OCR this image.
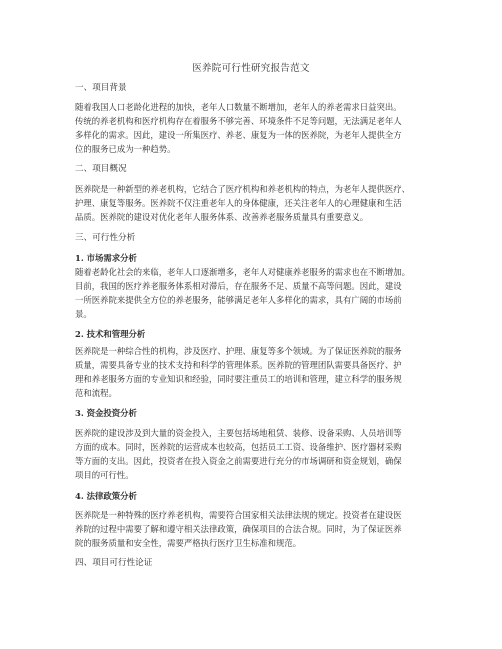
医养院可行性研究报告范文
一、项目背景
随着我国人口老龄化进程的加快，老年人口数量不断增加，老年人的养老需求日益突出。
传统的养老机构和医疗机构存在着服务不够完善、环境条件不足等问题，无法满足老年人
多样化的需求。因此，建设一所集医疗、养老、康复为一体的医养院，为老年人提供全方
位的服务已成为一种趋势。
二、项目概况
医养院是一种新型的养老机构，它结合了医疗机构和养老机构的特点，为老年人提供医疗、
护理、康复等服务。医养院不仅注重老年人的身体健康，还关注老年人的心理健康和生活
品质。医养院的建设对优化老年人服务体系、改善养老服务质量具有重要意义。
三、可行性分析
1. 市场需求分析
随着老龄化社会的来临，老年人口逐渐增多，老年人对健康养老服务的需求也在不断增加。
目前，我国的医疗养老服务体系相对滞后，存在服务不足、质量不高等问题。因此，建设
一所医养院来提供全方位的养老服务，能够满足老年人多样化的需求，具有广阔的市场前
景。
2. 技术和管理分析
医养院是一种综合性的机构，涉及医疗、护理、康复等多个领域。为了保证医养院的服务
质量，需要具备专业的技术支持和科学的管理体系。医养院的管理团队需要具备医疗、护
理和养老服务方面的专业知识和经验，同时要注重员工的培训和管理，建立科学的服务规
范和流程。
3. 资金投资分析
医养院的建设涉及到大量的资金投入，主要包括场地租赁、装修、设备采购、人员培训等
方面的成本。同时，医养院的运营成本也较高，包括员工工资、设备维护、医疗器材采购
等方面的支出。因此，投资者在投入资金之前需要进行充分的市场调研和资金规划，确保
项目的可行性。
4. 法律政策分析
医养院是一种特殊的医疗养老机构，需要符合国家相关法律法规的规定。投资者在建设医
养院的过程中需要了解和遵守相关法律政策，确保项目的合法合规。同时，为了保证医养
院的服务质量和安全性，需要严格执行医疗卫生标准和规范。
四、项目可行性论证
